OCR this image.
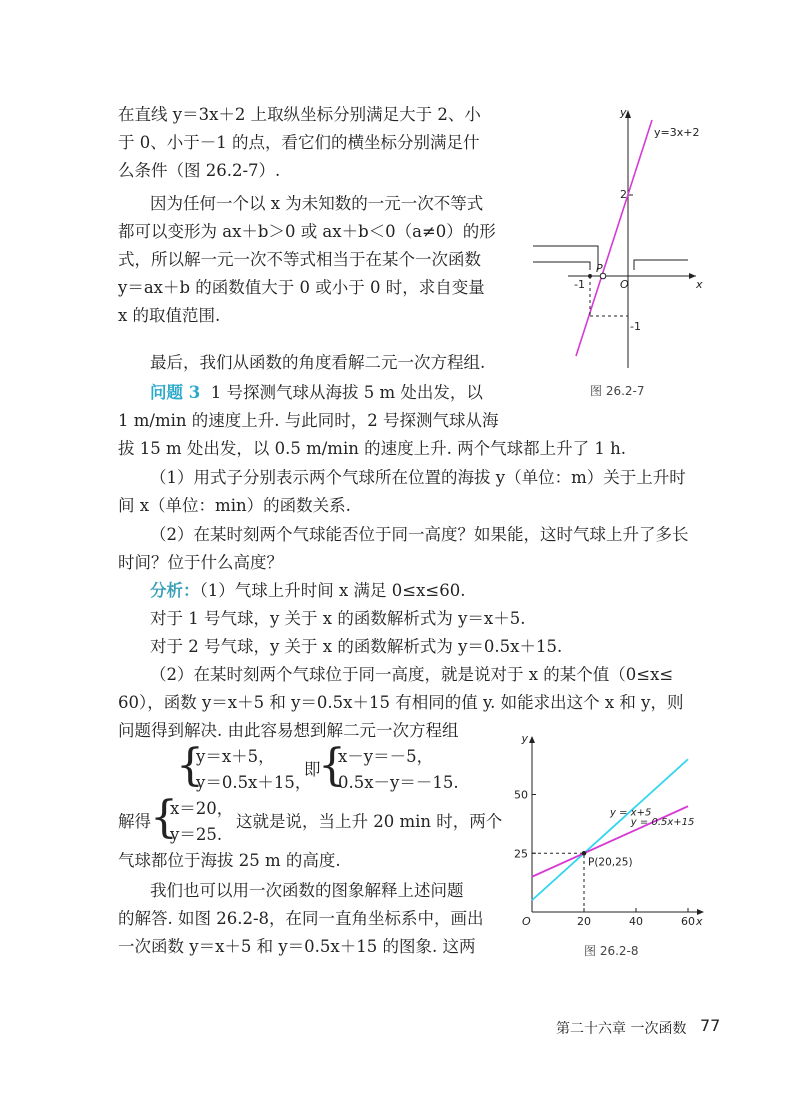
在直线 y＝3x＋2 上取纵坐标分别满足大于 2、小
于 0、小于－1 的点，看它们的横坐标分别满足什
么条件（图 26.2-7）.
因为任何一个以 x 为未知数的一元一次不等式
都可以变形为 ax＋b＞0 或 ax＋b＜0（a≠0）的形
式，所以解一元一次不等式相当于在某个一次函数
y＝ax＋b 的函数值大于 0 或小于 0 时，求自变量
x 的取值范围.
y=3x+2
y
x
2
O
-1
-1
P
图 26.2-7
最后，我们从函数的角度看解二元一次方程组.
问题 3 1 号探测气球从海拔 5 m 处出发，以
1 m/min 的速度上升. 与此同时，2 号探测气球从海
拔 15 m 处出发，以 0.5 m/min 的速度上升. 两个气球都上升了 1 h.
（1）用式子分别表示两个气球所在位置的海拔 y（单位：m）关于上升时
间 x（单位：min）的函数关系.
（2）在某时刻两个气球能否位于同一高度？如果能，这时气球上升了多长
时间？位于什么高度？
分析：（1）气球上升时间 x 满足 0≤x≤60.
对于 1 号气球，y 关于 x 的函数解析式为 y＝x＋5.
对于 2 号气球，y 关于 x 的函数解析式为 y＝0.5x＋15.
（2）在某时刻两个气球位于同一高度，就是说对于 x 的某个值（0≤x≤
60），函数 y＝x＋5 和 y＝0.5x＋15 有相同的值 y. 如能求出这个 x 和 y，则
问题得到解决. 由此容易想到解二元一次方程组
{
y＝x＋5，
y＝0.5x＋15，
即
{
x－y＝－5，
0.5x－y＝－15.
解得 {
x＝20，
y＝25.
这就是说，当上升 20 min 时，两个
气球都位于海拔 25 m 的高度.
我们也可以用一次函数的图象解释上述问题
的解答. 如图 26.2-8，在同一直角坐标系中，画出
一次函数 y＝x＋5 和 y＝0.5x＋15 的图象. 这两
20	40	60
25
50
O	x
y
y = x+5
y = 0.5x+15
P(20,25)
图 26.2-8
第二十六章 一次函数 77
